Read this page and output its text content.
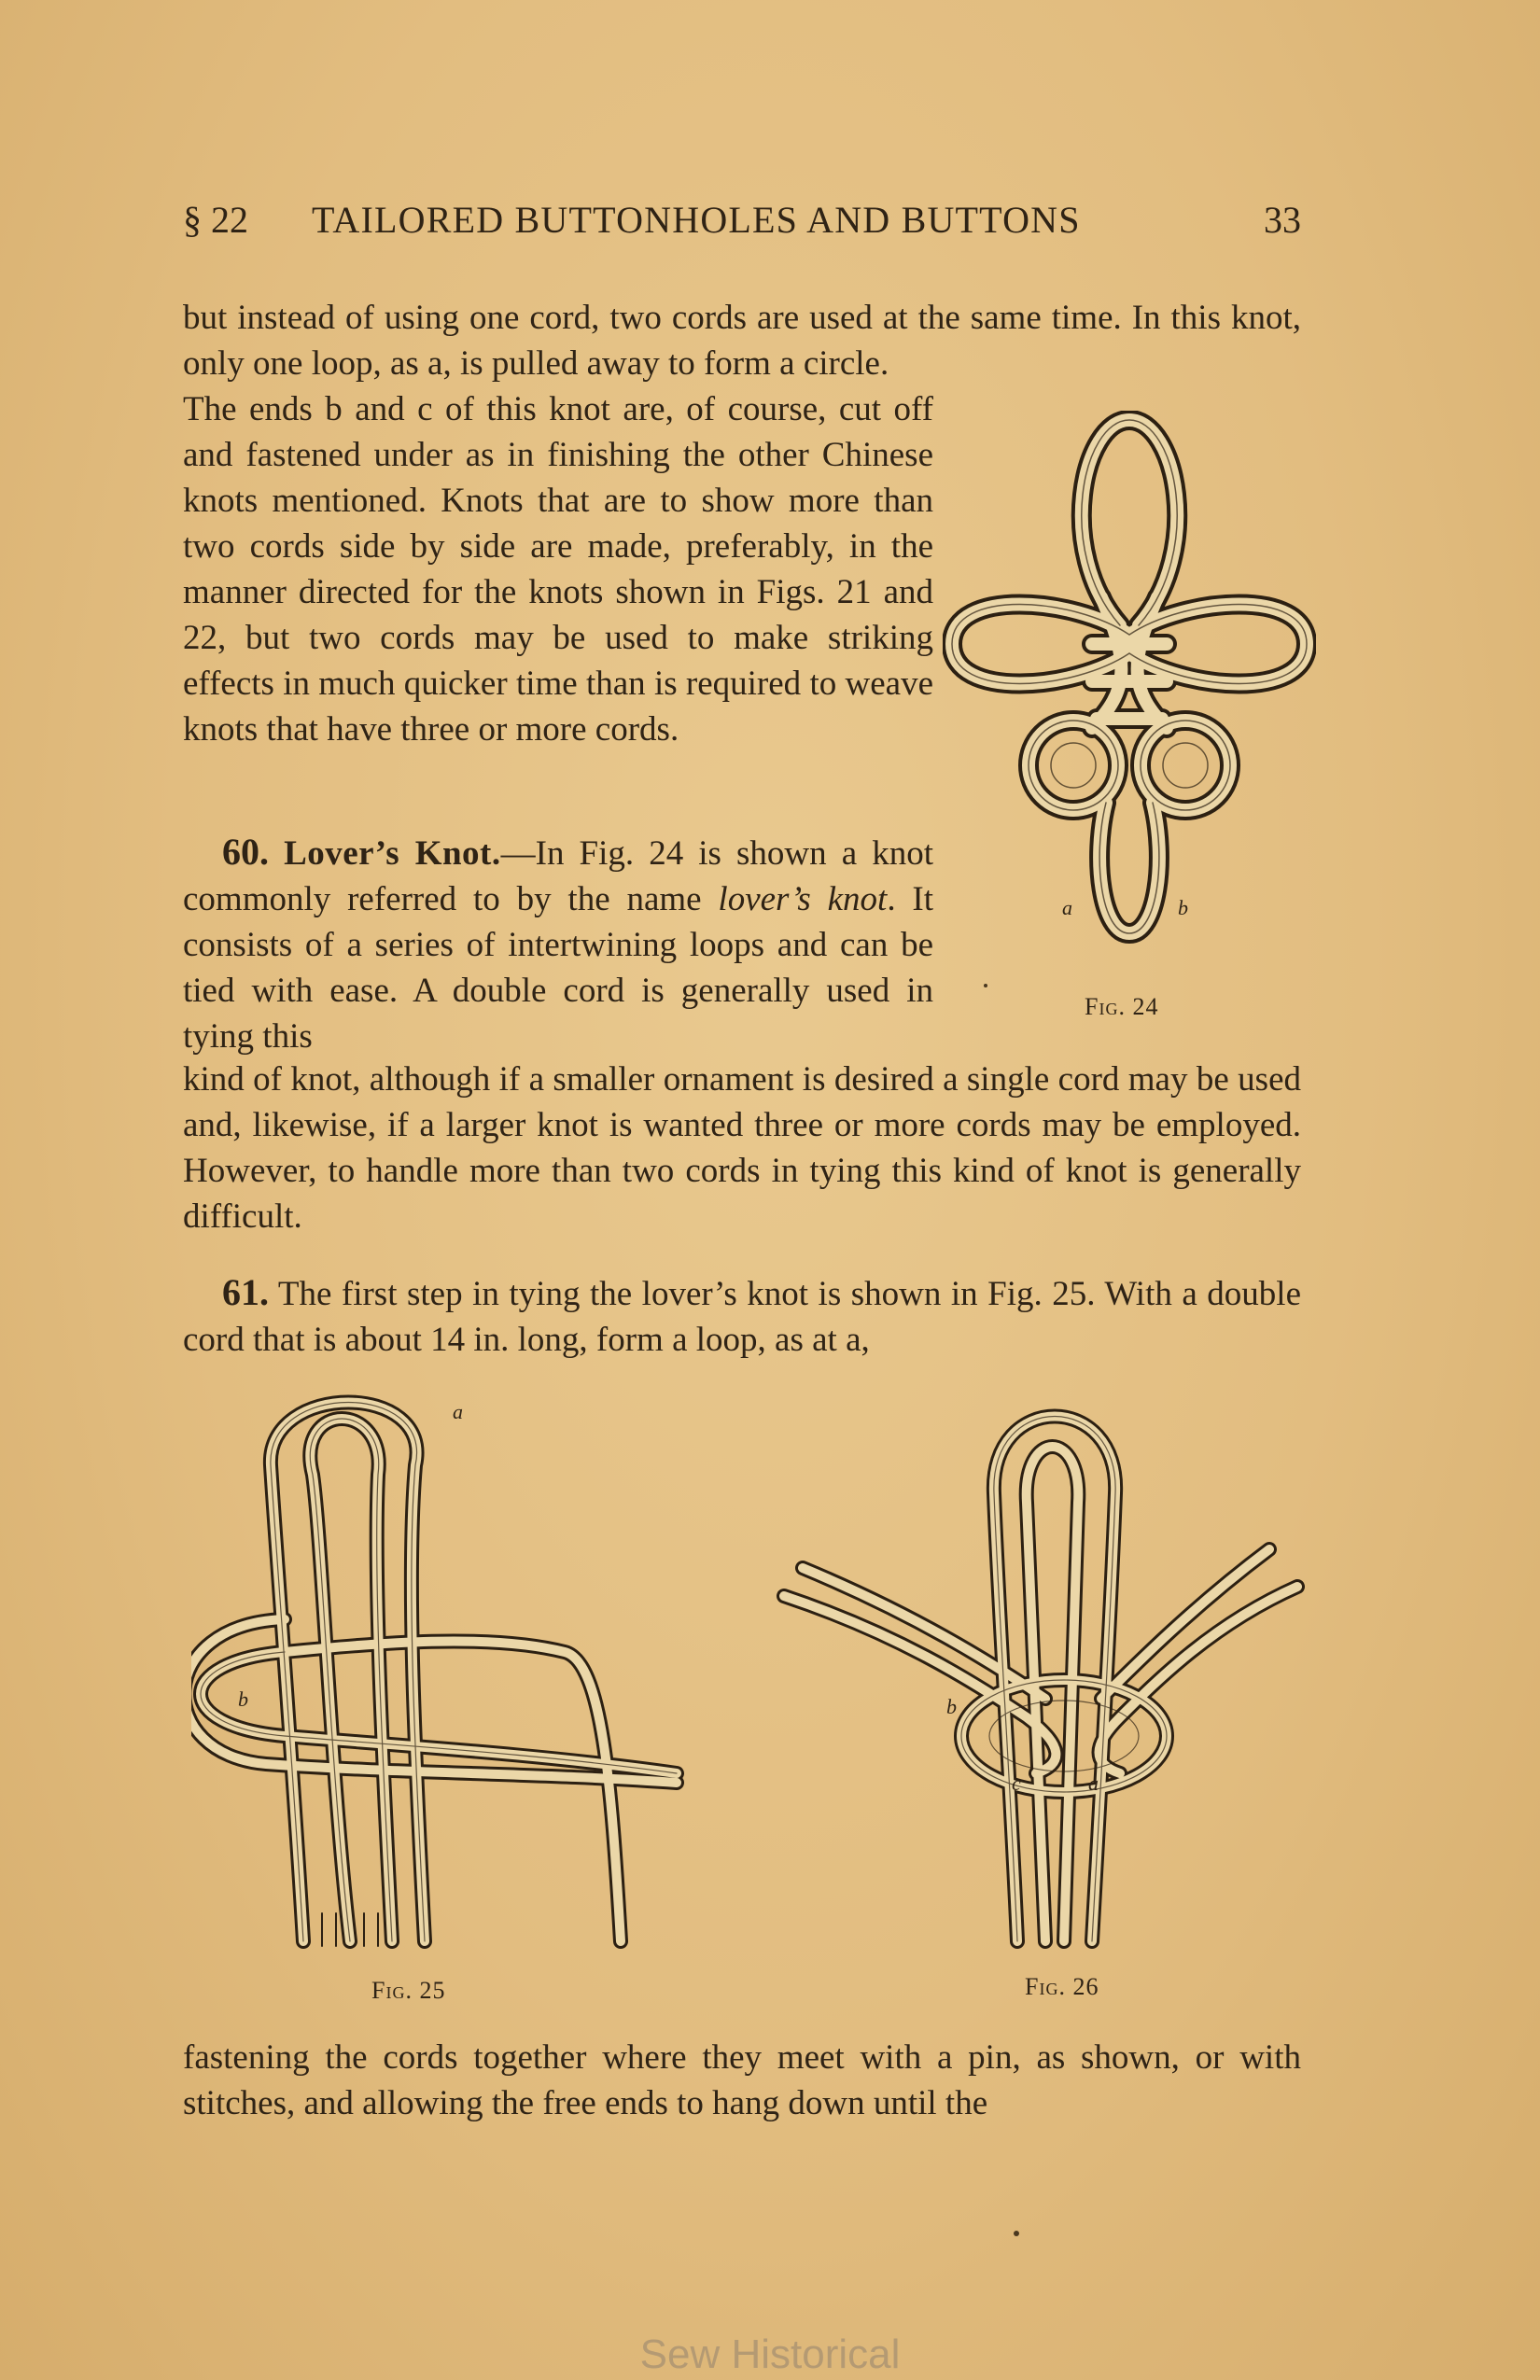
§ 22 TAILORED BUTTONHOLES AND BUTTONS	33

but instead of using one cord, two cords are used at the same time. In this knot, only one loop, as a, is pulled away to form a circle.

The ends b and c of this knot are, of course, cut off and fastened under as in finishing the other Chinese knots mentioned. Knots that are to show more than two cords side by side are made, preferably, in the manner directed for the knots shown in Figs. 21 and 22, but two cords may be used to make striking effects in much quicker time than is required to weave knots that have three or more cords.

60. Lover’s Knot.—In Fig. 24 is shown a knot commonly referred to by the name lover’s knot. It consists of a series of intertwining loops and can be tied with ease. A double cord is generally used in tying this

kind of knot, although if a smaller ornament is desired a single cord may be used and, likewise, if a larger knot is wanted three or more cords may be employed. However, to handle more than two cords in tying this kind of knot is generally difficult.

61. The first step in tying the lover’s knot is shown in Fig. 25. With a double cord that is about 14 in. long, form a loop, as at a,

a	b
Fig. 24
a
b
Fig. 25
b
c	a
Fig. 26

fastening the cords together where they meet with a pin, as shown, or with stitches, and allowing the free ends to hang down until the

Sew Historical
